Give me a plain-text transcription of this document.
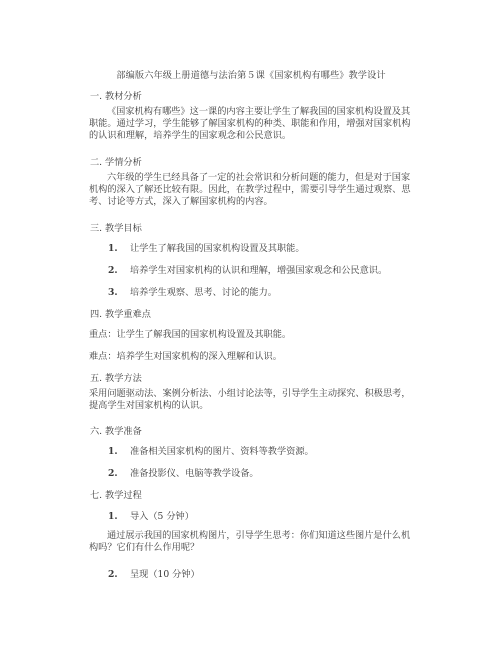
部编版六年级上册道德与法治第５课《国家机构有哪些》教学设计
一. 教材分析
《国家机构有哪些》这一课的内容主要让学生了解我国的国家机构设置及其职能。通过学习，学生能够了解国家机构的种类、职能和作用，增强对国家机构的认识和理解，培养学生的国家观念和公民意识。
二. 学情分析
六年级的学生已经具备了一定的社会常识和分析问题的能力，但是对于国家机构的深入了解还比较有限。因此，在教学过程中，需要引导学生通过观察、思考、讨论等方式，深入了解国家机构的内容。
三. 教学目标
1. 让学生了解我国的国家机构设置及其职能。
2. 培养学生对国家机构的认识和理解，增强国家观念和公民意识。
3. 培养学生观察、思考、讨论的能力。
四. 教学重难点
重点：让学生了解我国的国家机构设置及其职能。
难点：培养学生对国家机构的深入理解和认识。
五. 教学方法
采用问题驱动法、案例分析法、小组讨论法等，引导学生主动探究、积极思考，提高学生对国家机构的认识。
六. 教学准备
1. 准备相关国家机构的图片、资料等教学资源。
2. 准备投影仪、电脑等教学设备。
七. 教学过程
1. 导入（5 分钟）
通过展示我国的国家机构图片，引导学生思考：你们知道这些图片是什么机构吗？它们有什么作用呢？
2. 呈现（10 分钟）
